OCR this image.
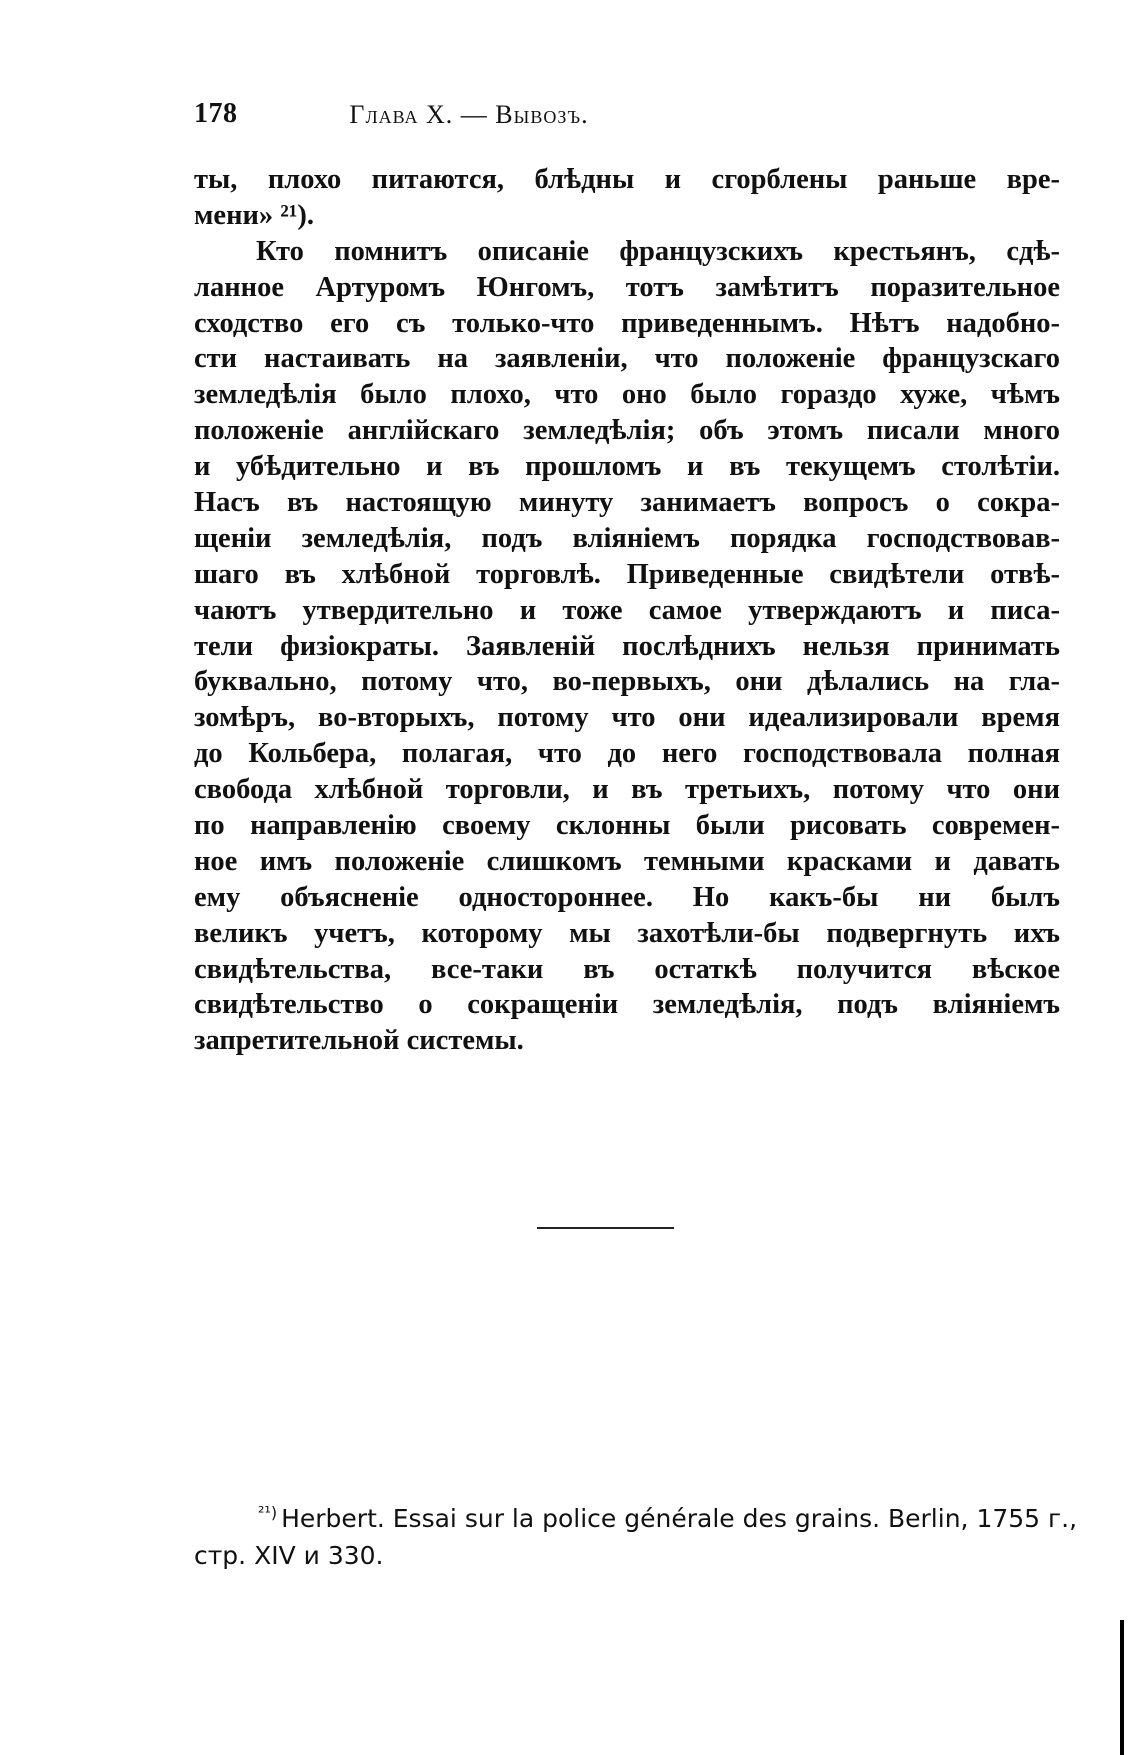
178	Глава X. — Вывозъ.
ты, плохо питаются, блѣдны и сгорблены раньше вре-
мени» ²¹).
Кто помнитъ описаніе французскихъ крестьянъ, сдѣ-
ланное Артуромъ Юнгомъ, тотъ замѣтитъ поразительное
сходство его съ только-что приведеннымъ. Нѣтъ надобно-
сти настаивать на заявленіи, что положеніе французскаго
земледѣлія было плохо, что оно было гораздо хуже, чѣмъ
положеніе англійскаго земледѣлія; объ этомъ писали много
и убѣдительно и въ прошломъ и въ текущемъ столѣтіи.
Насъ въ настоящую минуту занимаетъ вопросъ о сокра-
щеніи земледѣлія, подъ вліяніемъ порядка господствовав-
шаго въ хлѣбной торговлѣ. Приведенные свидѣтели отвѣ-
чаютъ утвердительно и тоже самое утверждаютъ и писа-
тели физіократы. Заявленій послѣднихъ нельзя принимать
буквально, потому что, во-первыхъ, они дѣлались на гла-
зомѣръ, во-вторыхъ, потому что они идеализировали время
до Кольбера, полагая, что до него господствовала полная
свобода хлѣбной торговли, и въ третьихъ, потому что они
по направленію своему склонны были рисовать современ-
ное имъ положеніе слишкомъ темными красками и давать
ему объясненіе одностороннее. Но какъ-бы ни былъ
великъ учетъ, которому мы захотѣли-бы подвергнуть ихъ
свидѣтельства, все-таки въ остаткѣ получится вѣское
свидѣтельство о сокращеніи земледѣлія, подъ вліяніемъ
запретительной системы.
$^{^{21})}$ Herbert. Essai sur la police générale des grains. Berlin, 1755 г.,
стр. XIV и 330.
